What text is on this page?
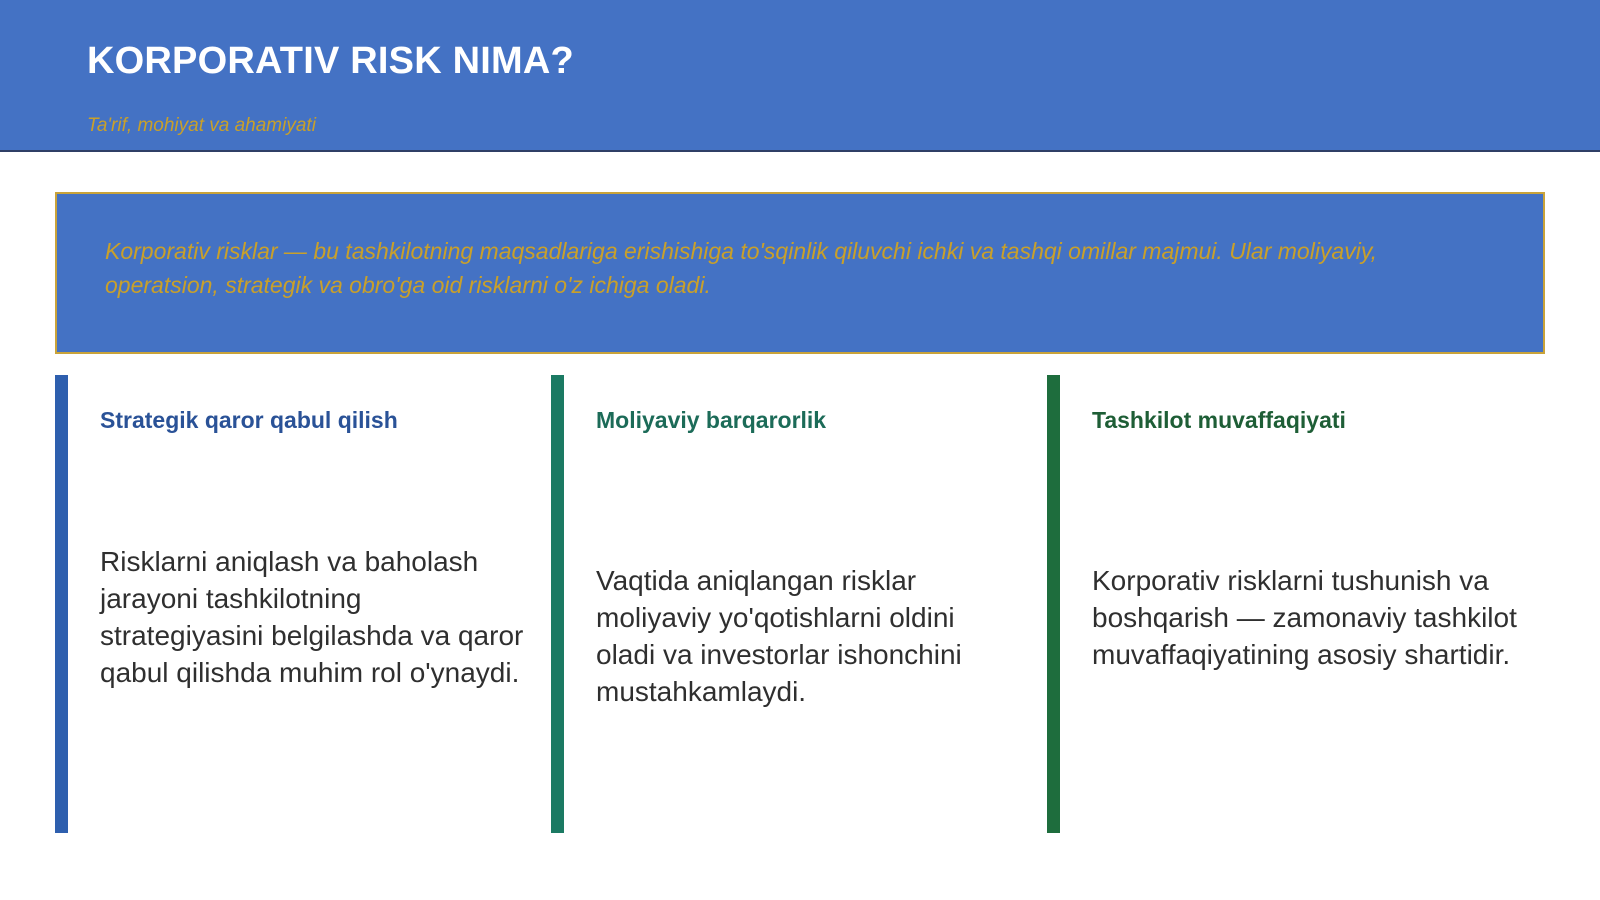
KORPORATIV RISK NIMA?

Ta'rif, mohiyat va ahamiyati

Korporativ risklar — bu tashkilotning maqsadlariga erishishiga to'sqinlik qiluvchi ichki va tashqi omillar majmui. Ular moliyaviy, operatsion, strategik va obro'ga oid risklarni o'z ichiga oladi.

Strategik qaror qabul qilish

Risklarni aniqlash va baholash jarayoni tashkilotning strategiyasini belgilashda va qaror qabul qilishda muhim rol o'ynaydi.

Moliyaviy barqarorlik

Vaqtida aniqlangan risklar moliyaviy yo'qotishlarni oldini oladi va investorlar ishonchini mustahkamlaydi.

Tashkilot muvaffaqiyati

Korporativ risklarni tushunish va boshqarish — zamonaviy tashkilot muvaffaqiyatining asosiy shartidir.
